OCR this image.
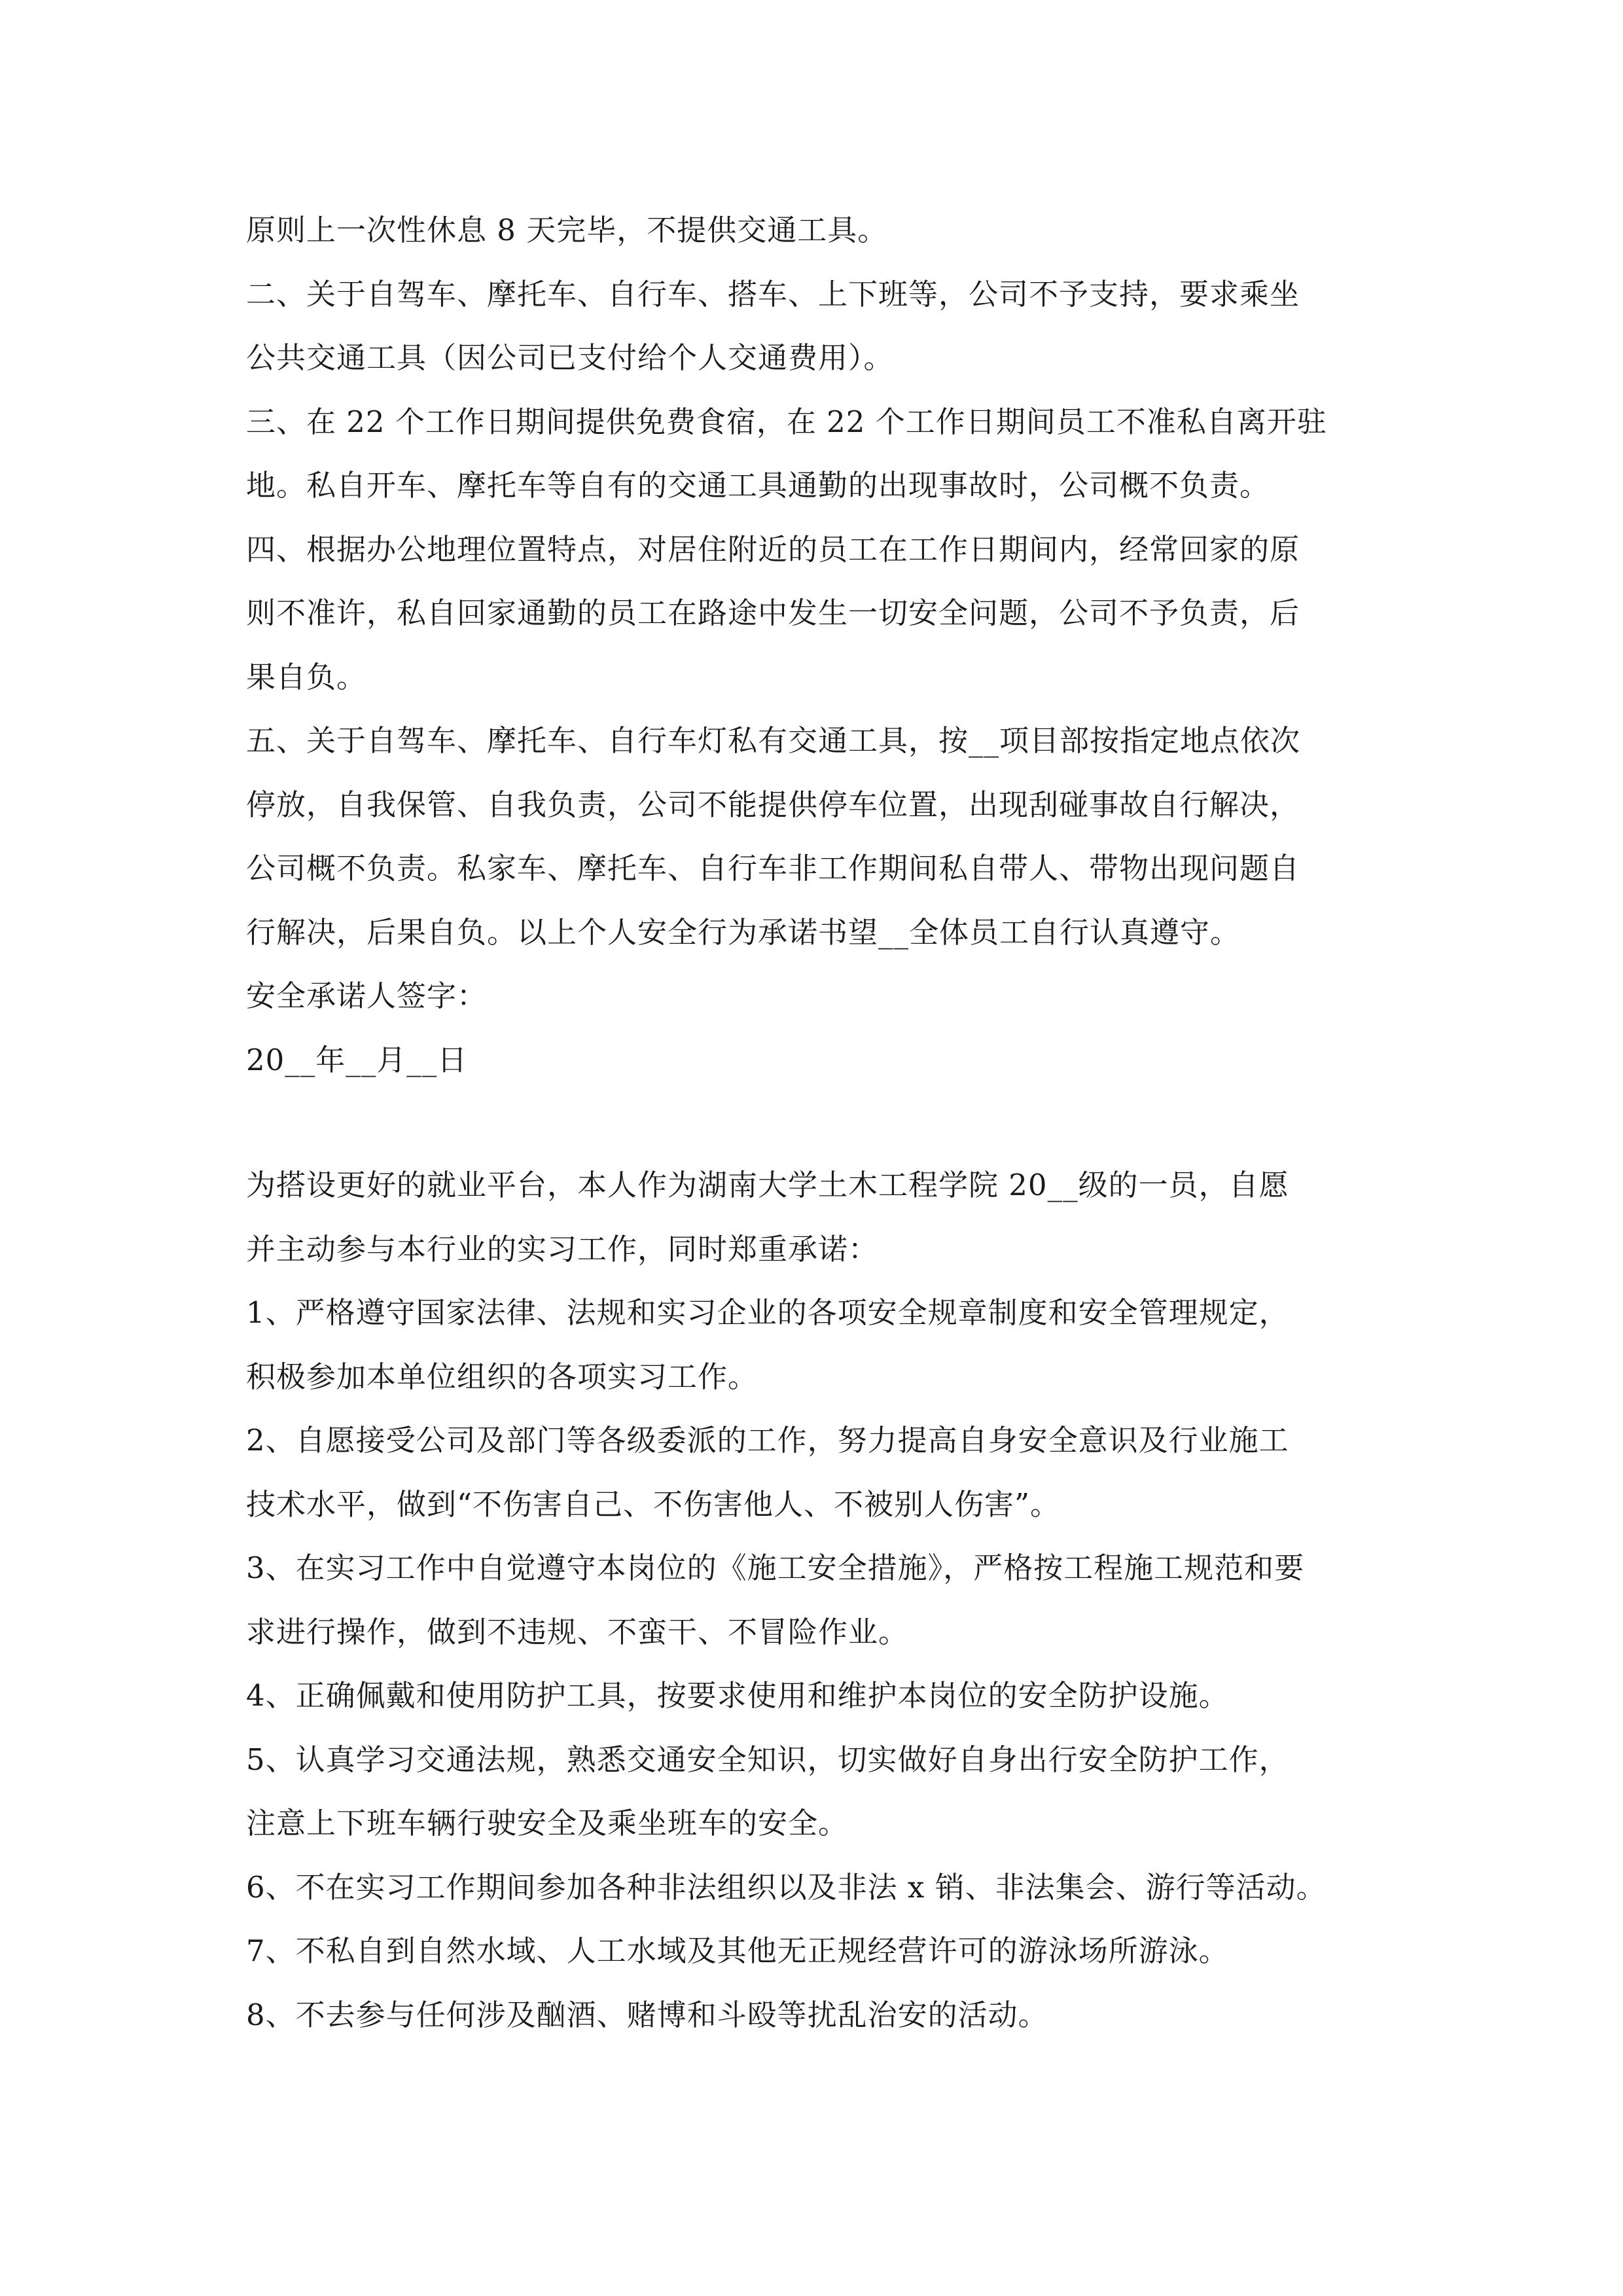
原则上一次性休息 8 天完毕，不提供交通工具。
二、关于自驾车、摩托车、自行车、搭车、上下班等，公司不予支持，要求乘坐
公共交通工具（因公司已支付给个人交通费用）。
三、在 22 个工作日期间提供免费食宿，在 22 个工作日期间员工不准私自离开驻
地。私自开车、摩托车等自有的交通工具通勤的出现事故时，公司概不负责。
四、根据办公地理位置特点，对居住附近的员工在工作日期间内，经常回家的原
则不准许，私自回家通勤的员工在路途中发生一切安全问题，公司不予负责，后
果自负。
五、关于自驾车、摩托车、自行车灯私有交通工具，按__项目部按指定地点依次
停放，自我保管、自我负责，公司不能提供停车位置，出现刮碰事故自行解决，
公司概不负责。私家车、摩托车、自行车非工作期间私自带人、带物出现问题自
行解决，后果自负。以上个人安全行为承诺书望__全体员工自行认真遵守。
安全承诺人签字：
20__年__月__日
为搭设更好的就业平台，本人作为湖南大学土木工程学院 20__级的一员，自愿
并主动参与本行业的实习工作，同时郑重承诺：
1、严格遵守国家法律、法规和实习企业的各项安全规章制度和安全管理规定，
积极参加本单位组织的各项实习工作。
2、自愿接受公司及部门等各级委派的工作，努力提高自身安全意识及行业施工
技术水平，做到“不伤害自己、不伤害他人、不被别人伤害”。
3、在实习工作中自觉遵守本岗位的《施工安全措施》，严格按工程施工规范和要
求进行操作，做到不违规、不蛮干、不冒险作业。
4、正确佩戴和使用防护工具，按要求使用和维护本岗位的安全防护设施。
5、认真学习交通法规，熟悉交通安全知识，切实做好自身出行安全防护工作，
注意上下班车辆行驶安全及乘坐班车的安全。
6、不在实习工作期间参加各种非法组织以及非法 x 销、非法集会、游行等活动。
7、不私自到自然水域、人工水域及其他无正规经营许可的游泳场所游泳。
8、不去参与任何涉及酗酒、赌博和斗殴等扰乱治安的活动。
